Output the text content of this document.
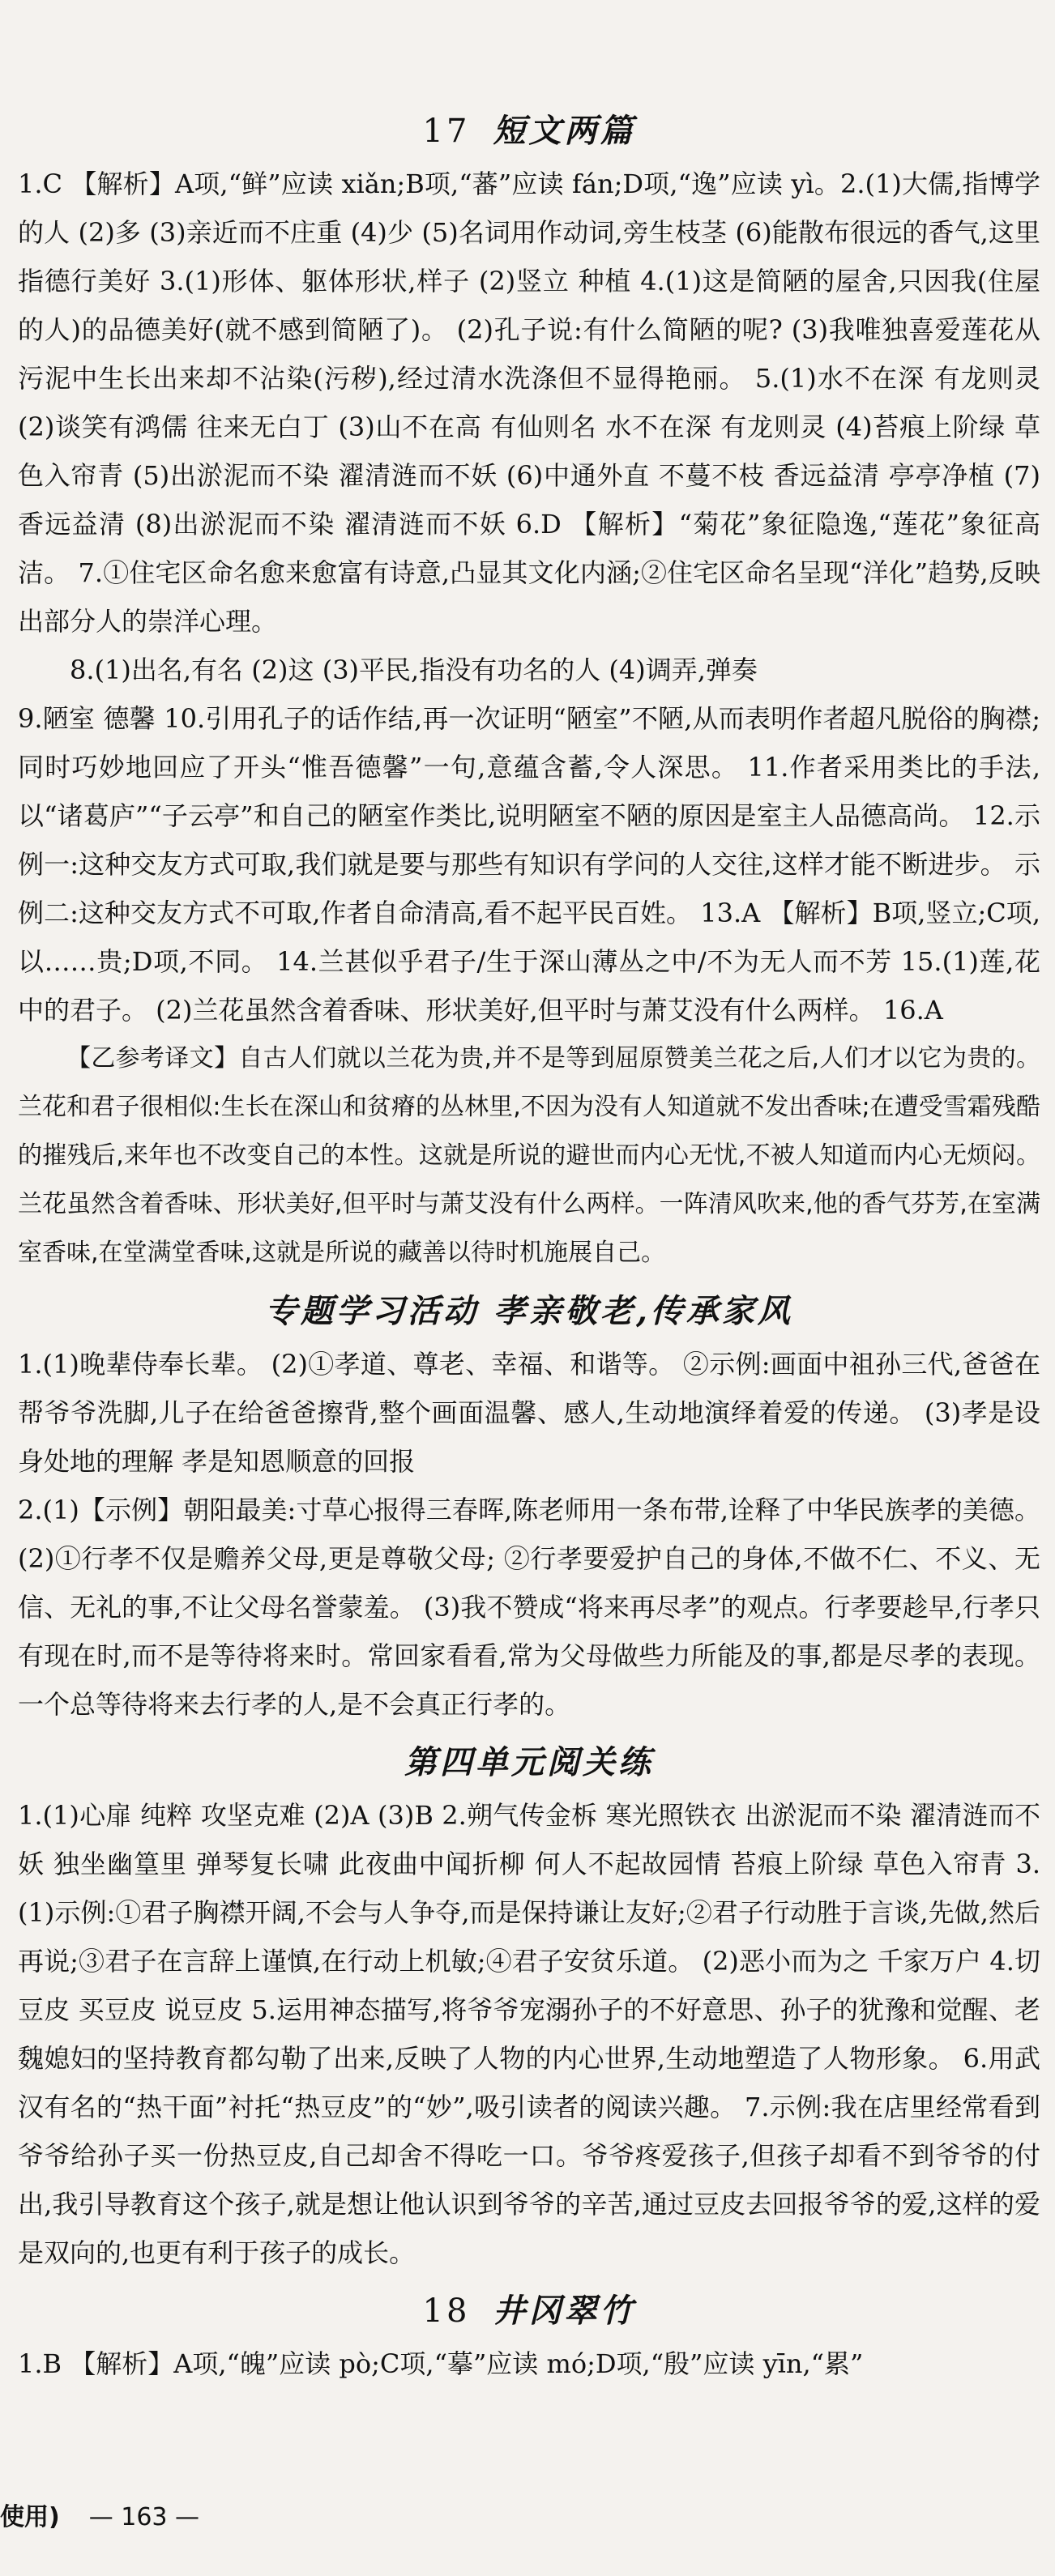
17 短文两篇

1.C 【解析】A项,“鲜”应读 xiǎn;B项,“蕃”应读 fán;D项,“逸”应读 yì。2.(1)大儒,指博学的人 (2)多 (3)亲近而不庄重 (4)少 (5)名词用作动词,旁生枝茎 (6)能散布很远的香气,这里指德行美好 3.(1)形体、躯体形状,样子 (2)竖立 种植 4.(1)这是简陋的屋舍,只因我(住屋的人)的品德美好(就不感到简陋了)。 (2)孔子说:有什么简陋的呢? (3)我唯独喜爱莲花从污泥中生长出来却不沾染(污秽),经过清水洗涤但不显得艳丽。 5.(1)水不在深 有龙则灵 (2)谈笑有鸿儒 往来无白丁 (3)山不在高 有仙则名 水不在深 有龙则灵 (4)苔痕上阶绿 草色入帘青 (5)出淤泥而不染 濯清涟而不妖 (6)中通外直 不蔓不枝 香远益清 亭亭净植 (7)香远益清 (8)出淤泥而不染 濯清涟而不妖 6.D 【解析】“菊花”象征隐逸,“莲花”象征高洁。 7.①住宅区命名愈来愈富有诗意,凸显其文化内涵;②住宅区命名呈现“洋化”趋势,反映出部分人的崇洋心理。

8.(1)出名,有名 (2)这 (3)平民,指没有功名的人 (4)调弄,弹奏

9.陋室 德馨 10.引用孔子的话作结,再一次证明“陋室”不陋,从而表明作者超凡脱俗的胸襟;同时巧妙地回应了开头“惟吾德馨”一句,意蕴含蓄,令人深思。 11.作者采用类比的手法,以“诸葛庐”“子云亭”和自己的陋室作类比,说明陋室不陋的原因是室主人品德高尚。 12.示例一:这种交友方式可取,我们就是要与那些有知识有学问的人交往,这样才能不断进步。 示例二:这种交友方式不可取,作者自命清高,看不起平民百姓。 13.A 【解析】B项,竖立;C项,以……贵;D项,不同。 14.兰甚似乎君子/生于深山薄丛之中/不为无人而不芳 15.(1)莲,花中的君子。 (2)兰花虽然含着香味、形状美好,但平时与萧艾没有什么两样。 16.A

【乙参考译文】自古人们就以兰花为贵,并不是等到屈原赞美兰花之后,人们才以它为贵的。兰花和君子很相似:生长在深山和贫瘠的丛林里,不因为没有人知道就不发出香味;在遭受雪霜残酷的摧残后,来年也不改变自己的本性。这就是所说的避世而内心无忧,不被人知道而内心无烦闷。兰花虽然含着香味、形状美好,但平时与萧艾没有什么两样。一阵清风吹来,他的香气芬芳,在室满室香味,在堂满堂香味,这就是所说的藏善以待时机施展自己。

专题学习活动 孝亲敬老,传承家风

1.(1)晚辈侍奉长辈。 (2)①孝道、尊老、幸福、和谐等。 ②示例:画面中祖孙三代,爸爸在帮爷爷洗脚,儿子在给爸爸擦背,整个画面温馨、感人,生动地演绎着爱的传递。 (3)孝是设身处地的理解 孝是知恩顺意的回报

2.(1)【示例】朝阳最美:寸草心报得三春晖,陈老师用一条布带,诠释了中华民族孝的美德。 (2)①行孝不仅是赡养父母,更是尊敬父母; ②行孝要爱护自己的身体,不做不仁、不义、无信、无礼的事,不让父母名誉蒙羞。 (3)我不赞成“将来再尽孝”的观点。行孝要趁早,行孝只有现在时,而不是等待将来时。常回家看看,常为父母做些力所能及的事,都是尽孝的表现。一个总等待将来去行孝的人,是不会真正行孝的。

第四单元阅关练

1.(1)心扉 纯粹 攻坚克难 (2)A (3)B 2.朔气传金柝 寒光照铁衣 出淤泥而不染 濯清涟而不妖 独坐幽篁里 弹琴复长啸 此夜曲中闻折柳 何人不起故园情 苔痕上阶绿 草色入帘青 3.(1)示例:①君子胸襟开阔,不会与人争夺,而是保持谦让友好;②君子行动胜于言谈,先做,然后再说;③君子在言辞上谨慎,在行动上机敏;④君子安贫乐道。 (2)恶小而为之 千家万户 4.切豆皮 买豆皮 说豆皮 5.运用神态描写,将爷爷宠溺孙子的不好意思、孙子的犹豫和觉醒、老魏媳妇的坚持教育都勾勒了出来,反映了人物的内心世界,生动地塑造了人物形象。 6.用武汉有名的“热干面”衬托“热豆皮”的“妙”,吸引读者的阅读兴趣。 7.示例:我在店里经常看到爷爷给孙子买一份热豆皮,自己却舍不得吃一口。爷爷疼爱孩子,但孩子却看不到爷爷的付出,我引导教育这个孩子,就是想让他认识到爷爷的辛苦,通过豆皮去回报爷爷的爱,这样的爱是双向的,也更有利于孩子的成长。

18 井冈翠竹

1.B 【解析】A项,“魄”应读 pò;C项,“摹”应读 mó;D项,“殷”应读 yīn,“累”

使用) — 163 —
